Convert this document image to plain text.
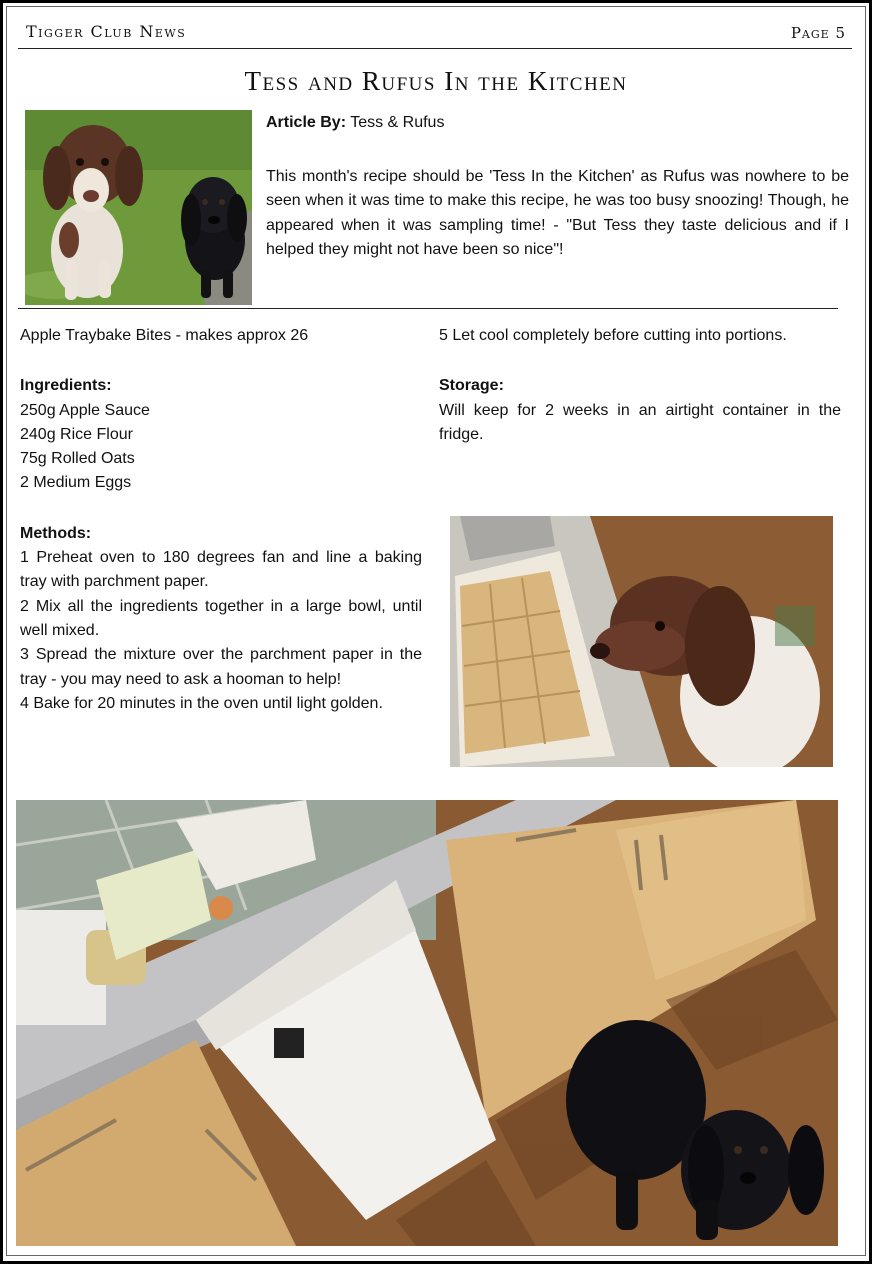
Tigger Club News	Page 5
Tess and Rufus In the Kitchen
Article By: Tess & Rufus
This month's recipe should be 'Tess In the Kitchen' as Rufus was nowhere to be seen when it was time to make this recipe, he was too busy snoozing! Though, he appeared when it was sampling time! - "But Tess they taste delicious and if I helped they might not have been so nice"!
Apple Traybake Bites - makes approx 26
Ingredients:
250g Apple Sauce
240g Rice Flour
75g Rolled Oats
2 Medium Eggs
Methods:
1 Preheat oven to 180 degrees fan and line a baking tray with parchment paper.
2 Mix all the ingredients together in a large bowl, until well mixed.
3 Spread the mixture over the parchment paper in the tray - you may need to ask a hooman to help!
4 Bake for 20 minutes in the oven until light golden.
5 Let cool completely before cutting into portions.
Storage:
Will keep for 2 weeks in an airtight container in the fridge.
